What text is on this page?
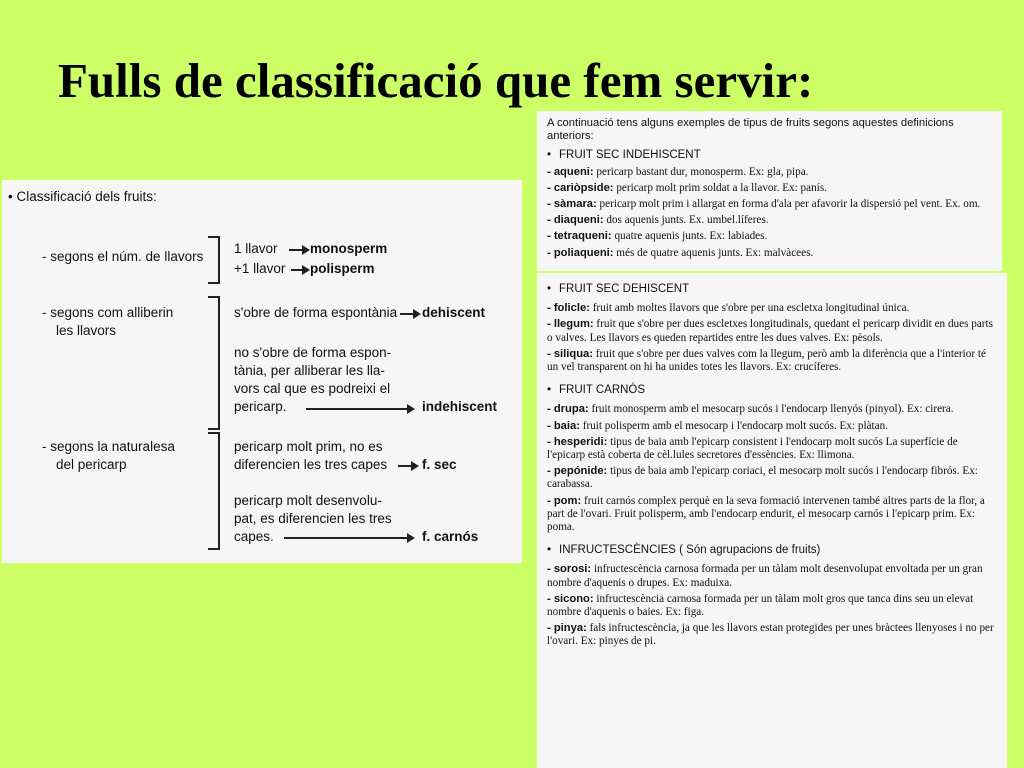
Fulls de classificació que fem servir:
• Classificació dels fruits:
- segons el núm. de llavors
1 llavor monosperm
+1 llavor polisperm
- segons com alliberin
les llavors
s'obre de forma espontània dehiscent
no s'obre de forma espon-
tània, per alliberar les lla-
vors cal que es podreixi el
pericarp.	indehiscent
- segons la naturalesa
del pericarp
pericarp molt prim, no es
diferencien les tres capes	f. sec
pericarp molt desenvolu-
pat, es diferencien les tres
capes.	f. carnós
A continuació tens alguns exemples de tipus de fruits segons aquestes definicions anteriors:
• FRUIT SEC INDEHISCENT
- aqueni: pericarp bastant dur, monosperm. Ex: gla, pipa.
- cariòpside: pericarp molt prim soldat a la llavor. Ex: panís.
- sàmara: pericarp molt prim i allargat en forma d'ala per afavorir la dispersió pel vent. Ex. om.
- diaqueni: dos aquenis junts. Ex. umbel.líferes.
- tetraqueni: quatre aquenis junts. Ex: labiades.
- poliaqueni: més de quatre aquenis junts. Ex: malvàcees.
• FRUIT SEC DEHISCENT
- folicle: fruit amb moltes llavors que s'obre per una escletxa longitudinal única.
- llegum: fruit que s'obre per dues escletxes longitudinals, quedant el pericarp dividit en dues parts o valves. Les llavors es queden repartides entre les dues valves. Ex: pèsols.
- siliqua: fruit que s'obre per dues valves com la llegum, però amb la diferència que a l'interior té un vel transparent on hi ha unides totes les llavors. Ex: crucíferes.
• FRUIT CARNÓS
- drupa: fruit monosperm amb el mesocarp sucós i l'endocarp llenyós (pinyol). Ex: cirera.
- baia: fruit polisperm amb el mesocarp i l'endocarp molt sucós. Ex: plàtan.
- hesperidi: tipus de baia amb l'epicarp consistent i l'endocarp molt sucós La superfície de l'epicarp està coberta de cèl.lules secretores d'essències. Ex: llimona.
- pepónide: tipus de baia amb l'epicarp coriaci, el mesocarp molt sucós i l'endocarp fibrós. Ex: carabassa.
- pom: fruit carnós complex perquè en la seva formació intervenen també altres parts de la flor, a part de l'ovari. Fruit polisperm, amb l'endocarp endurit, el mesocarp carnós i l'epicarp prim. Ex: poma.
• INFRUCTESCÈNCIES ( Són agrupacions de fruits)
- sorosi: infructescència carnosa formada per un tàlam molt desenvolupat envoltada per un gran nombre d'aquenis o drupes. Ex: maduixa.
- sicono: infructescència carnosa formada per un tàlam molt gros que tanca dins seu un elevat nombre d'aquenis o baies. Ex: figa.
- pinya: fals infructescència, ja que les llavors estan protegides per unes bràctees llenyoses i no per l'ovari. Ex: pinyes de pi.
